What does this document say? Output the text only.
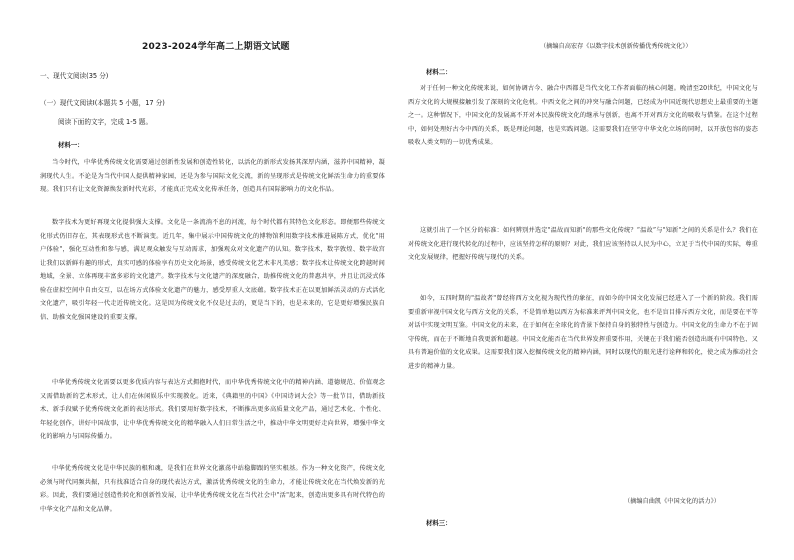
2023-2024学年高二上期语文试题
一、现代文阅读(35 分)
（一）现代文阅读Ⅰ(本题共 5 小题，17 分)
阅读下面的文字，完成 1-5 题。
材料一：
当今时代，中华优秀传统文化需要通过创新性发展和创造性转化，以活化的新形式发扬其深厚内涵，滋养中国精神，凝润现代人生。不论是为当代中国人提供精神家园，还是为参与国际文化交流，新的呈现形式是传统文化鲜活生命力的重要体现。我们只有让文化资源焕发新时代光彩，才能真正完成文化传承任务，创造具有国际影响力的文化作品。
数字技术为更好再现文化提供强大支撑。文化是一条流淌不息的河流，每个时代都有其特色文化形态。即便那些传统文化形式仍旧存在，其表现形式也不断演变。近几年，集中展示中国传统文化的博物馆利用数字技术推进展陈方式，优化"用户体验"，强化互动性和参与感，满足观众触发与互动需求，加强观众对文化遗产的认知。数字技术，数字敦煌、数字故宫让我们以新鲜有趣的形式，真实可感的体验享有历史文化场景，感受传统文化艺术非凡美感；数字技术让传统文化跨越时间地域，全景、立体再现丰富多彩的文化遗产。数字技术与文化遗产的深度融合，助推传统文化的普惠共享，并且让沉浸式体验在虚拟空间中自由交互，以在场方式体验文化遗产的魅力，感受厚重人文底蕴。数字技术正在以更加鲜活灵动的方式活化文化遗产，吸引年轻一代走近传统文化。这是因为传统文化不仅是过去的，更是当下的，也是未来的，它是更好增强民族自信、助推文化强国建设的重要支撑。
中华优秀传统文化需要以更多优质内容与表达方式拥抱时代，而中华优秀传统文化中的精神内涵、道德规范、价值观念又需借助新的艺术形式，让人们在休闲娱乐中实现教化。近来，《典籍里的中国》《中国诗词大会》等一批节目，借助新技术、新手段赋予优秀传统文化新的表达形式。我们要用好数字技术，不断推出更多高质量文化产品，通过艺术化、个性化、年轻化创作，讲好中国故事，让中华优秀传统文化的精华融入人们日常生活之中，推动中华文明更好走向世界，增强中华文化的影响力与国际传播力。
中华优秀传统文化是中华民族的根和魂，是我们在世界文化激荡中站稳脚跟的坚实根基。作为一种文化资产，传统文化必须与时代同频共振，只有找准适合自身的现代表达方式，激活优秀传统文化的生命力，才能让传统文化在当代焕发新的光彩。因此，我们要通过创造性转化和创新性发展，让中华优秀传统文化在当代社会中"活"起来，创造出更多具有时代特色的中华文化产品和文化品牌。
（摘编自高宏存《以数字技术创新传播优秀传统文化》）
材料二：
对于任何一种文化传统来说，如何协调古今、融合中西都是当代文化工作者面临的核心问题。晚清至20世纪，中国文化与西方文化的大规模接触引发了深刻的文化危机。中西文化之间的冲突与融合问题，已经成为中国近现代思想史上最重要的主题之一。这种情况下，中国文化的发展离不开对本民族传统文化的继承与创新，也离不开对西方文化的吸收与借鉴。在这个过程中，如何处理好古今中西的关系，既是理论问题，也是实践问题。这需要我们在坚守中华文化立场的同时，以开放包容的姿态吸收人类文明的一切优秀成果。
这就引出了一个区分的标准：如何辨别并选定"温故而知新"的那些文化传统？“温故”与"知新"之间的关系是什么？我们在对传统文化进行现代转化的过程中，应该坚持怎样的原则？对此，我们应该坚持以人民为中心，立足于当代中国的实际，尊重文化发展规律，把握好传统与现代的关系。
如今，五四时期的"温故者"曾经将西方文化视为现代性的象征，而如今的中国文化发展已经进入了一个新的阶段。我们需要重新审视中国文化与西方文化的关系，不是简单地以西方为标准来评判中国文化，也不是盲目排斥西方文化，而是要在平等对话中实现文明互鉴。中国文化的未来，在于如何在全球化的背景下保持自身的独特性与创造力。中国文化的生命力不在于固守传统，而在于不断地自我更新和超越。中国文化能否在当代世界发挥重要作用，关键在于我们能否创造出既有中国特色、又具有普遍价值的文化成果。这需要我们深入挖掘传统文化的精神内涵，同时以现代的眼光进行诠释和转化，使之成为推动社会进步的精神力量。
（摘编自曲凯《中国文化的活力》）
材料三：
